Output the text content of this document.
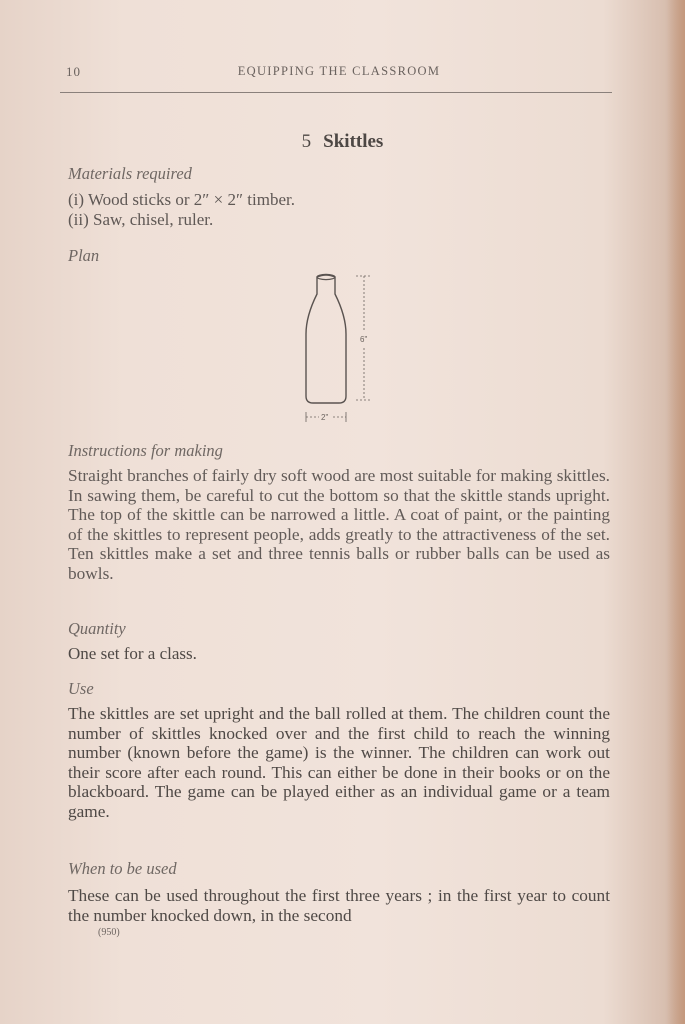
10	EQUIPPING THE CLASSROOM
5 Skittles
Materials required
(i) Wood sticks or 2″ × 2″ timber.
(ii) Saw, chisel, ruler.
Plan
6"
2"
Instructions for making
Straight branches of fairly dry soft wood are most suitable for making skittles. In sawing them, be careful to cut the bottom so that the skittle stands upright. The top of the skittle can be narrowed a little. A coat of paint, or the painting of the skittles to represent people, adds greatly to the attractiveness of the set. Ten skittles make a set and three tennis balls or rubber balls can be used as bowls.
Quantity
One set for a class.
Use
The skittles are set upright and the ball rolled at them. The children count the number of skittles knocked over and the first child to reach the winning number (known before the game) is the winner. The children can work out their score after each round. This can either be done in their books or on the blackboard. The game can be played either as an individual game or a team game.
When to be used
These can be used throughout the first three years ; in the first year to count the number knocked down, in the second
(950)
